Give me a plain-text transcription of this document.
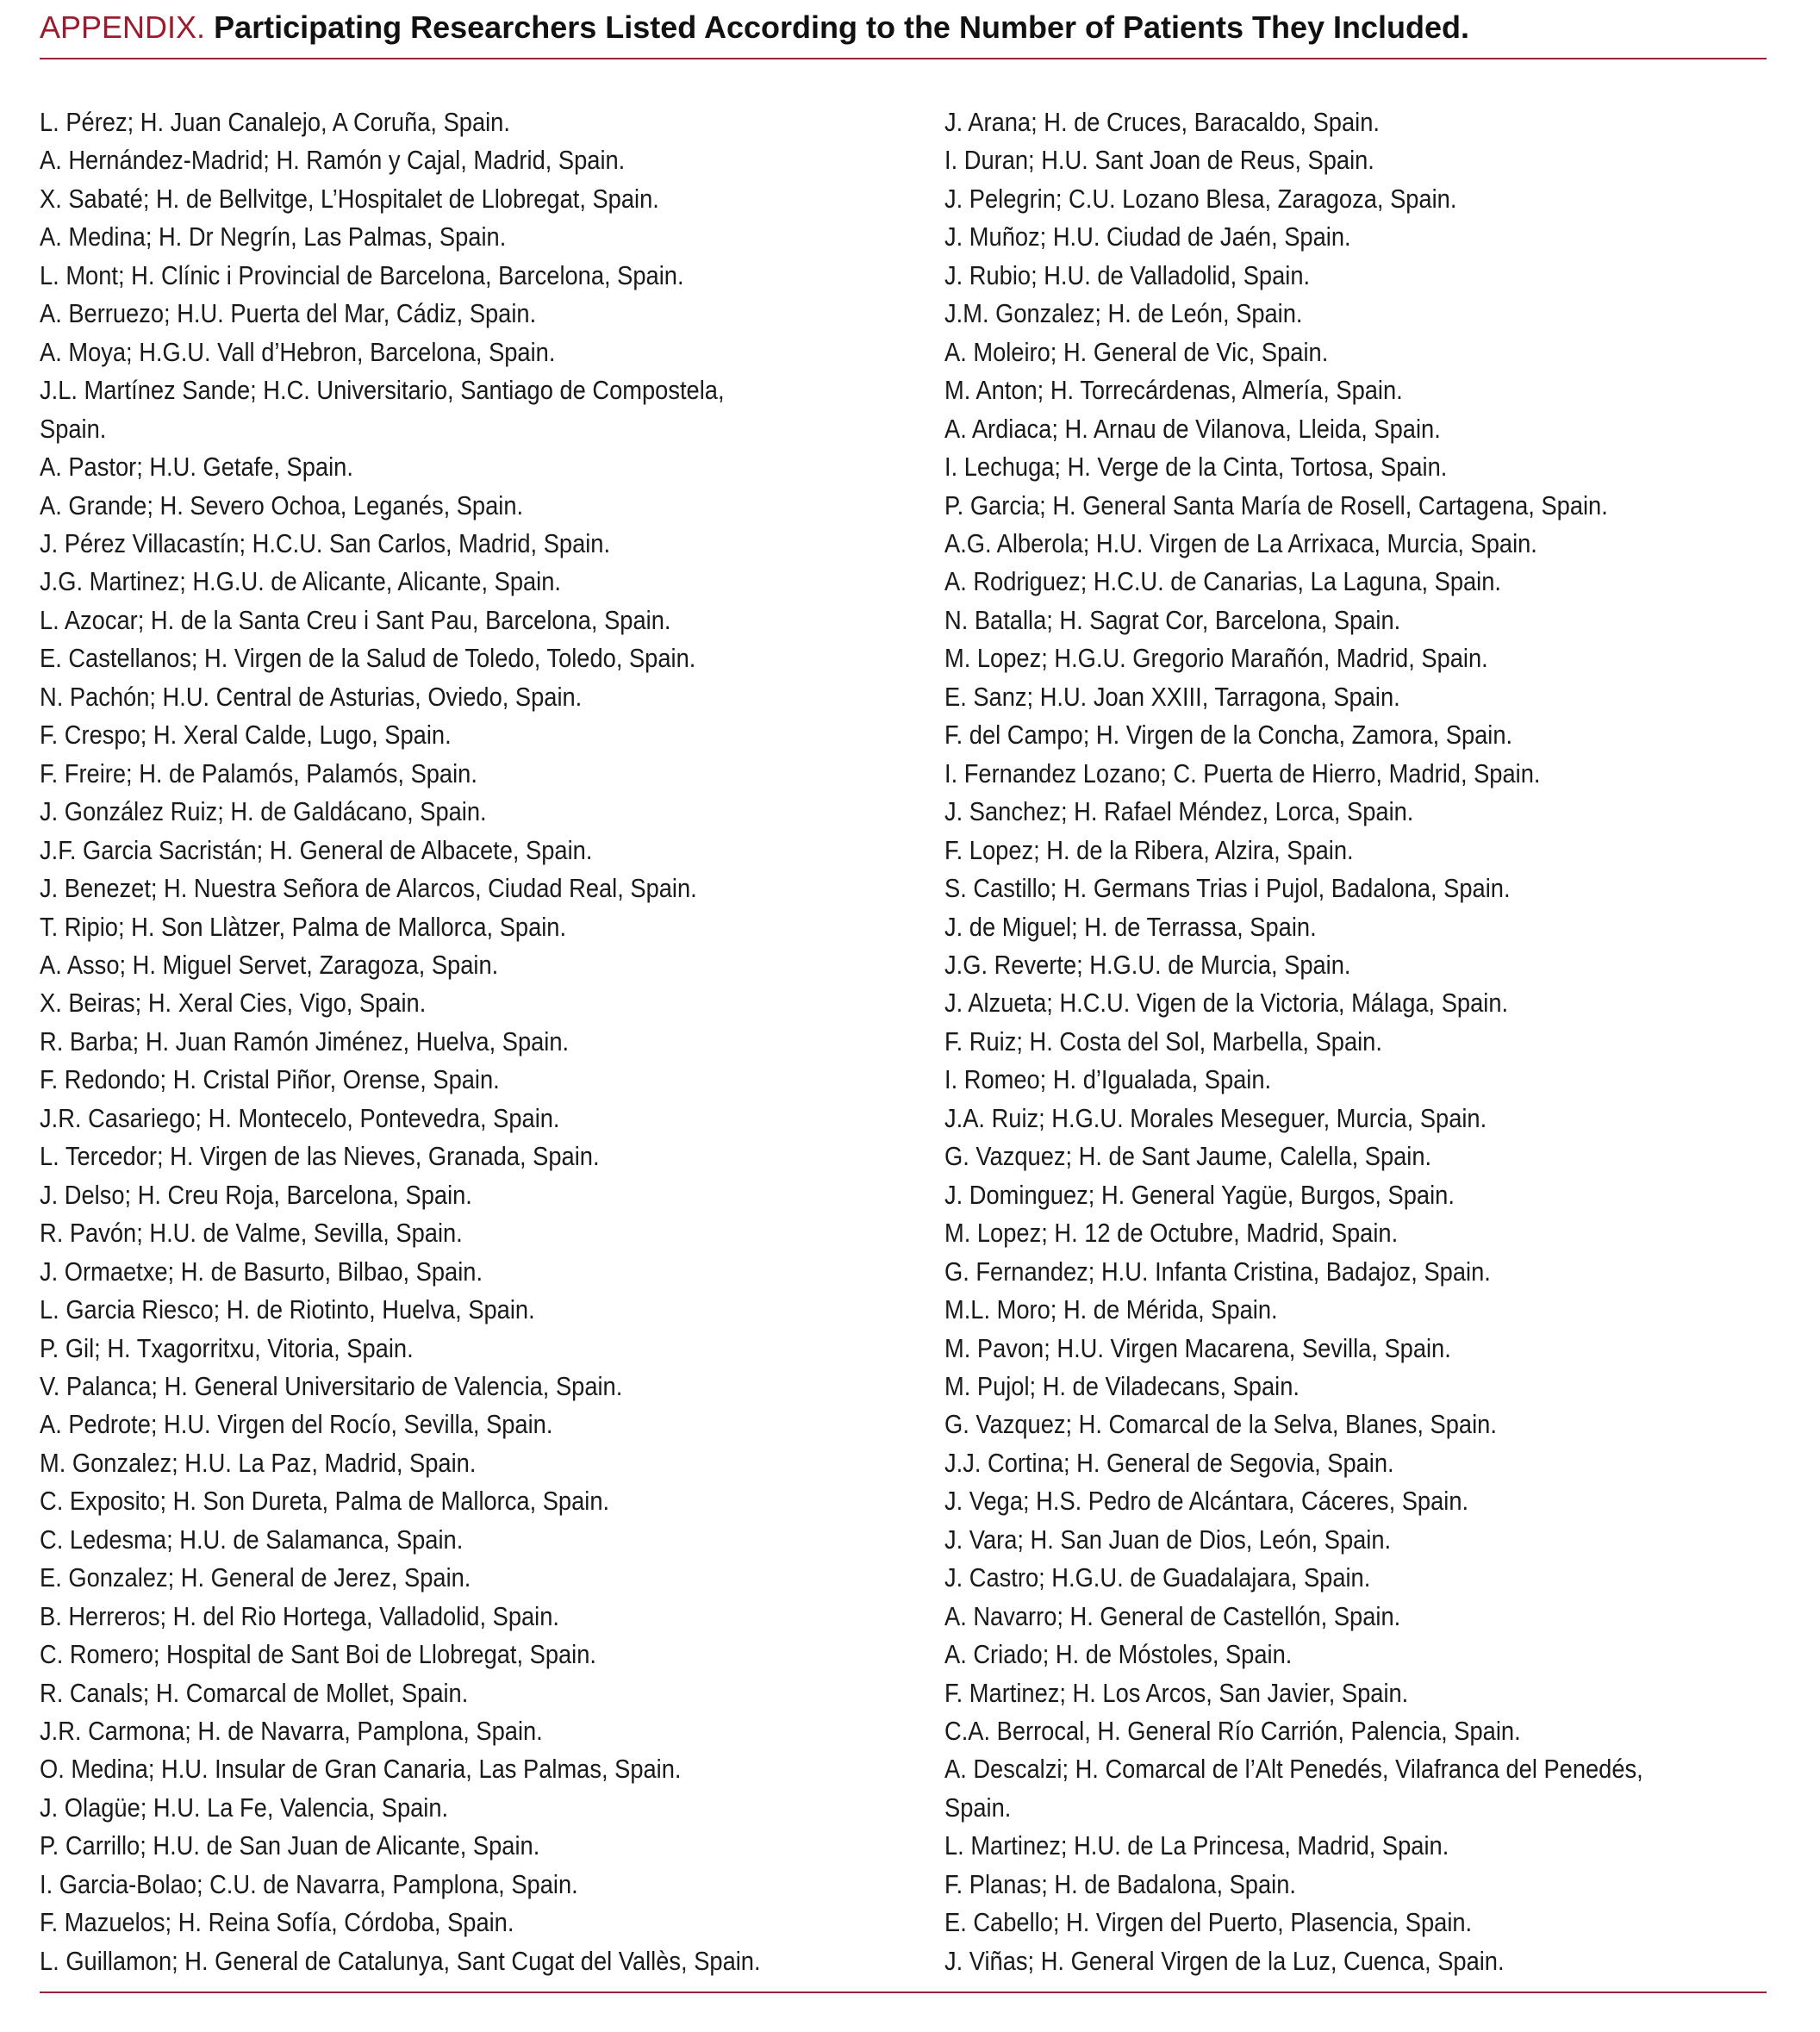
APPENDIX. Participating Researchers Listed According to the Number of Patients They Included.
L. Pérez; H. Juan Canalejo, A Coruña, Spain.
A. Hernández-Madrid; H. Ramón y Cajal, Madrid, Spain.
X. Sabaté; H. de Bellvitge, L’Hospitalet de Llobregat, Spain.
A. Medina; H. Dr Negrín, Las Palmas, Spain.
L. Mont; H. Clínic i Provincial de Barcelona, Barcelona, Spain.
A. Berruezo; H.U. Puerta del Mar, Cádiz, Spain.
A. Moya; H.G.U. Vall d’Hebron, Barcelona, Spain.
J.L. Martínez Sande; H.C. Universitario, Santiago de Compostela,
Spain.
A. Pastor; H.U. Getafe, Spain.
A. Grande; H. Severo Ochoa, Leganés, Spain.
J. Pérez Villacastín; H.C.U. San Carlos, Madrid, Spain.
J.G. Martinez; H.G.U. de Alicante, Alicante, Spain.
L. Azocar; H. de la Santa Creu i Sant Pau, Barcelona, Spain.
E. Castellanos; H. Virgen de la Salud de Toledo, Toledo, Spain.
N. Pachón; H.U. Central de Asturias, Oviedo, Spain.
F. Crespo; H. Xeral Calde, Lugo, Spain.
F. Freire; H. de Palamós, Palamós, Spain.
J. González Ruiz; H. de Galdácano, Spain.
J.F. Garcia Sacristán; H. General de Albacete, Spain.
J. Benezet; H. Nuestra Señora de Alarcos, Ciudad Real, Spain.
T. Ripio; H. Son Llàtzer, Palma de Mallorca, Spain.
A. Asso; H. Miguel Servet, Zaragoza, Spain.
X. Beiras; H. Xeral Cies, Vigo, Spain.
R. Barba; H. Juan Ramón Jiménez, Huelva, Spain.
F. Redondo; H. Cristal Piñor, Orense, Spain.
J.R. Casariego; H. Montecelo, Pontevedra, Spain.
L. Tercedor; H. Virgen de las Nieves, Granada, Spain.
J. Delso; H. Creu Roja, Barcelona, Spain.
R. Pavón; H.U. de Valme, Sevilla, Spain.
J. Ormaetxe; H. de Basurto, Bilbao, Spain.
L. Garcia Riesco; H. de Riotinto, Huelva, Spain.
P. Gil; H. Txagorritxu, Vitoria, Spain.
V. Palanca; H. General Universitario de Valencia, Spain.
A. Pedrote; H.U. Virgen del Rocío, Sevilla, Spain.
M. Gonzalez; H.U. La Paz, Madrid, Spain.
C. Exposito; H. Son Dureta, Palma de Mallorca, Spain.
C. Ledesma; H.U. de Salamanca, Spain.
E. Gonzalez; H. General de Jerez, Spain.
B. Herreros; H. del Rio Hortega, Valladolid, Spain.
C. Romero; Hospital de Sant Boi de Llobregat, Spain.
R. Canals; H. Comarcal de Mollet, Spain.
J.R. Carmona; H. de Navarra, Pamplona, Spain.
O. Medina; H.U. Insular de Gran Canaria, Las Palmas, Spain.
J. Olagüe; H.U. La Fe, Valencia, Spain.
P. Carrillo; H.U. de San Juan de Alicante, Spain.
I. Garcia-Bolao; C.U. de Navarra, Pamplona, Spain.
F. Mazuelos; H. Reina Sofía, Córdoba, Spain.
L. Guillamon; H. General de Catalunya, Sant Cugat del Vallès, Spain.
J. Arana; H. de Cruces, Baracaldo, Spain.
I. Duran; H.U. Sant Joan de Reus, Spain.
J. Pelegrin; C.U. Lozano Blesa, Zaragoza, Spain.
J. Muñoz; H.U. Ciudad de Jaén, Spain.
J. Rubio; H.U. de Valladolid, Spain.
J.M. Gonzalez; H. de León, Spain.
A. Moleiro; H. General de Vic, Spain.
M. Anton; H. Torrecárdenas, Almería, Spain.
A. Ardiaca; H. Arnau de Vilanova, Lleida, Spain.
I. Lechuga; H. Verge de la Cinta, Tortosa, Spain.
P. Garcia; H. General Santa María de Rosell, Cartagena, Spain.
A.G. Alberola; H.U. Virgen de La Arrixaca, Murcia, Spain.
A. Rodriguez; H.C.U. de Canarias, La Laguna, Spain.
N. Batalla; H. Sagrat Cor, Barcelona, Spain.
M. Lopez; H.G.U. Gregorio Marañón, Madrid, Spain.
E. Sanz; H.U. Joan XXIII, Tarragona, Spain.
F. del Campo; H. Virgen de la Concha, Zamora, Spain.
I. Fernandez Lozano; C. Puerta de Hierro, Madrid, Spain.
J. Sanchez; H. Rafael Méndez, Lorca, Spain.
F. Lopez; H. de la Ribera, Alzira, Spain.
S. Castillo; H. Germans Trias i Pujol, Badalona, Spain.
J. de Miguel; H. de Terrassa, Spain.
J.G. Reverte; H.G.U. de Murcia, Spain.
J. Alzueta; H.C.U. Vigen de la Victoria, Málaga, Spain.
F. Ruiz; H. Costa del Sol, Marbella, Spain.
I. Romeo; H. d’Igualada, Spain.
J.A. Ruiz; H.G.U. Morales Meseguer, Murcia, Spain.
G. Vazquez; H. de Sant Jaume, Calella, Spain.
J. Dominguez; H. General Yagüe, Burgos, Spain.
M. Lopez; H. 12 de Octubre, Madrid, Spain.
G. Fernandez; H.U. Infanta Cristina, Badajoz, Spain.
M.L. Moro; H. de Mérida, Spain.
M. Pavon; H.U. Virgen Macarena, Sevilla, Spain.
M. Pujol; H. de Viladecans, Spain.
G. Vazquez; H. Comarcal de la Selva, Blanes, Spain.
J.J. Cortina; H. General de Segovia, Spain.
J. Vega; H.S. Pedro de Alcántara, Cáceres, Spain.
J. Vara; H. San Juan de Dios, León, Spain.
J. Castro; H.G.U. de Guadalajara, Spain.
A. Navarro; H. General de Castellón, Spain.
A. Criado; H. de Móstoles, Spain.
F. Martinez; H. Los Arcos, San Javier, Spain.
C.A. Berrocal, H. General Río Carrión, Palencia, Spain.
A. Descalzi; H. Comarcal de l’Alt Penedés, Vilafranca del Penedés,
Spain.
L. Martinez; H.U. de La Princesa, Madrid, Spain.
F. Planas; H. de Badalona, Spain.
E. Cabello; H. Virgen del Puerto, Plasencia, Spain.
J. Viñas; H. General Virgen de la Luz, Cuenca, Spain.
